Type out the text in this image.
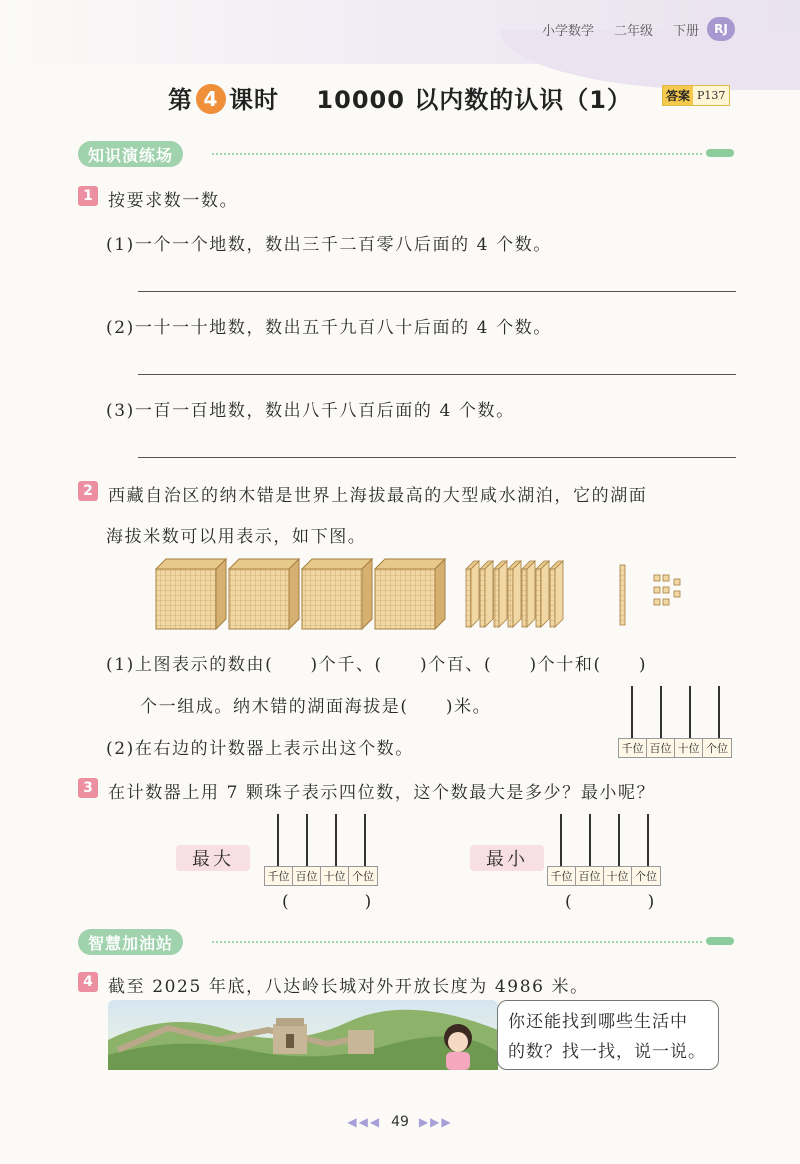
小学数学 二年级 下册	RJ
第 4 课时 10000 以内数的认识（1）	答案 P137
知识演练场
1 按要求数一数。
(1)一个一个地数，数出三千二百零八后面的 4 个数。
(2)一十一十地数，数出五千九百八十后面的 4 个数。
(3)一百一百地数，数出八千八百后面的 4 个数。
2 西藏自治区的纳木错是世界上海拔最高的大型咸水湖泊，它的湖面
海拔米数可以用表示，如下图。
(1)上图表示的数由(　　)个千、(　　)个百、(　　)个十和(　　)
个一组成。纳木错的湖面海拔是(　　)米。
(2)在右边的计数器上表示出这个数。	千位 百位 十位 个位
3 在计数器上用 7 颗珠子表示四位数，这个数最大是多少？最小呢？
最大
千位 百位 十位 个位
(　　　　)
最小
千位 百位 十位 个位
(　　　　)
智慧加油站
4 截至 2025 年底，八达岭长城对外开放长度为 4986 米。
你还能找到哪些生活中
的数？找一找，说一说。
◀◀◀ 49 ▶▶▶
